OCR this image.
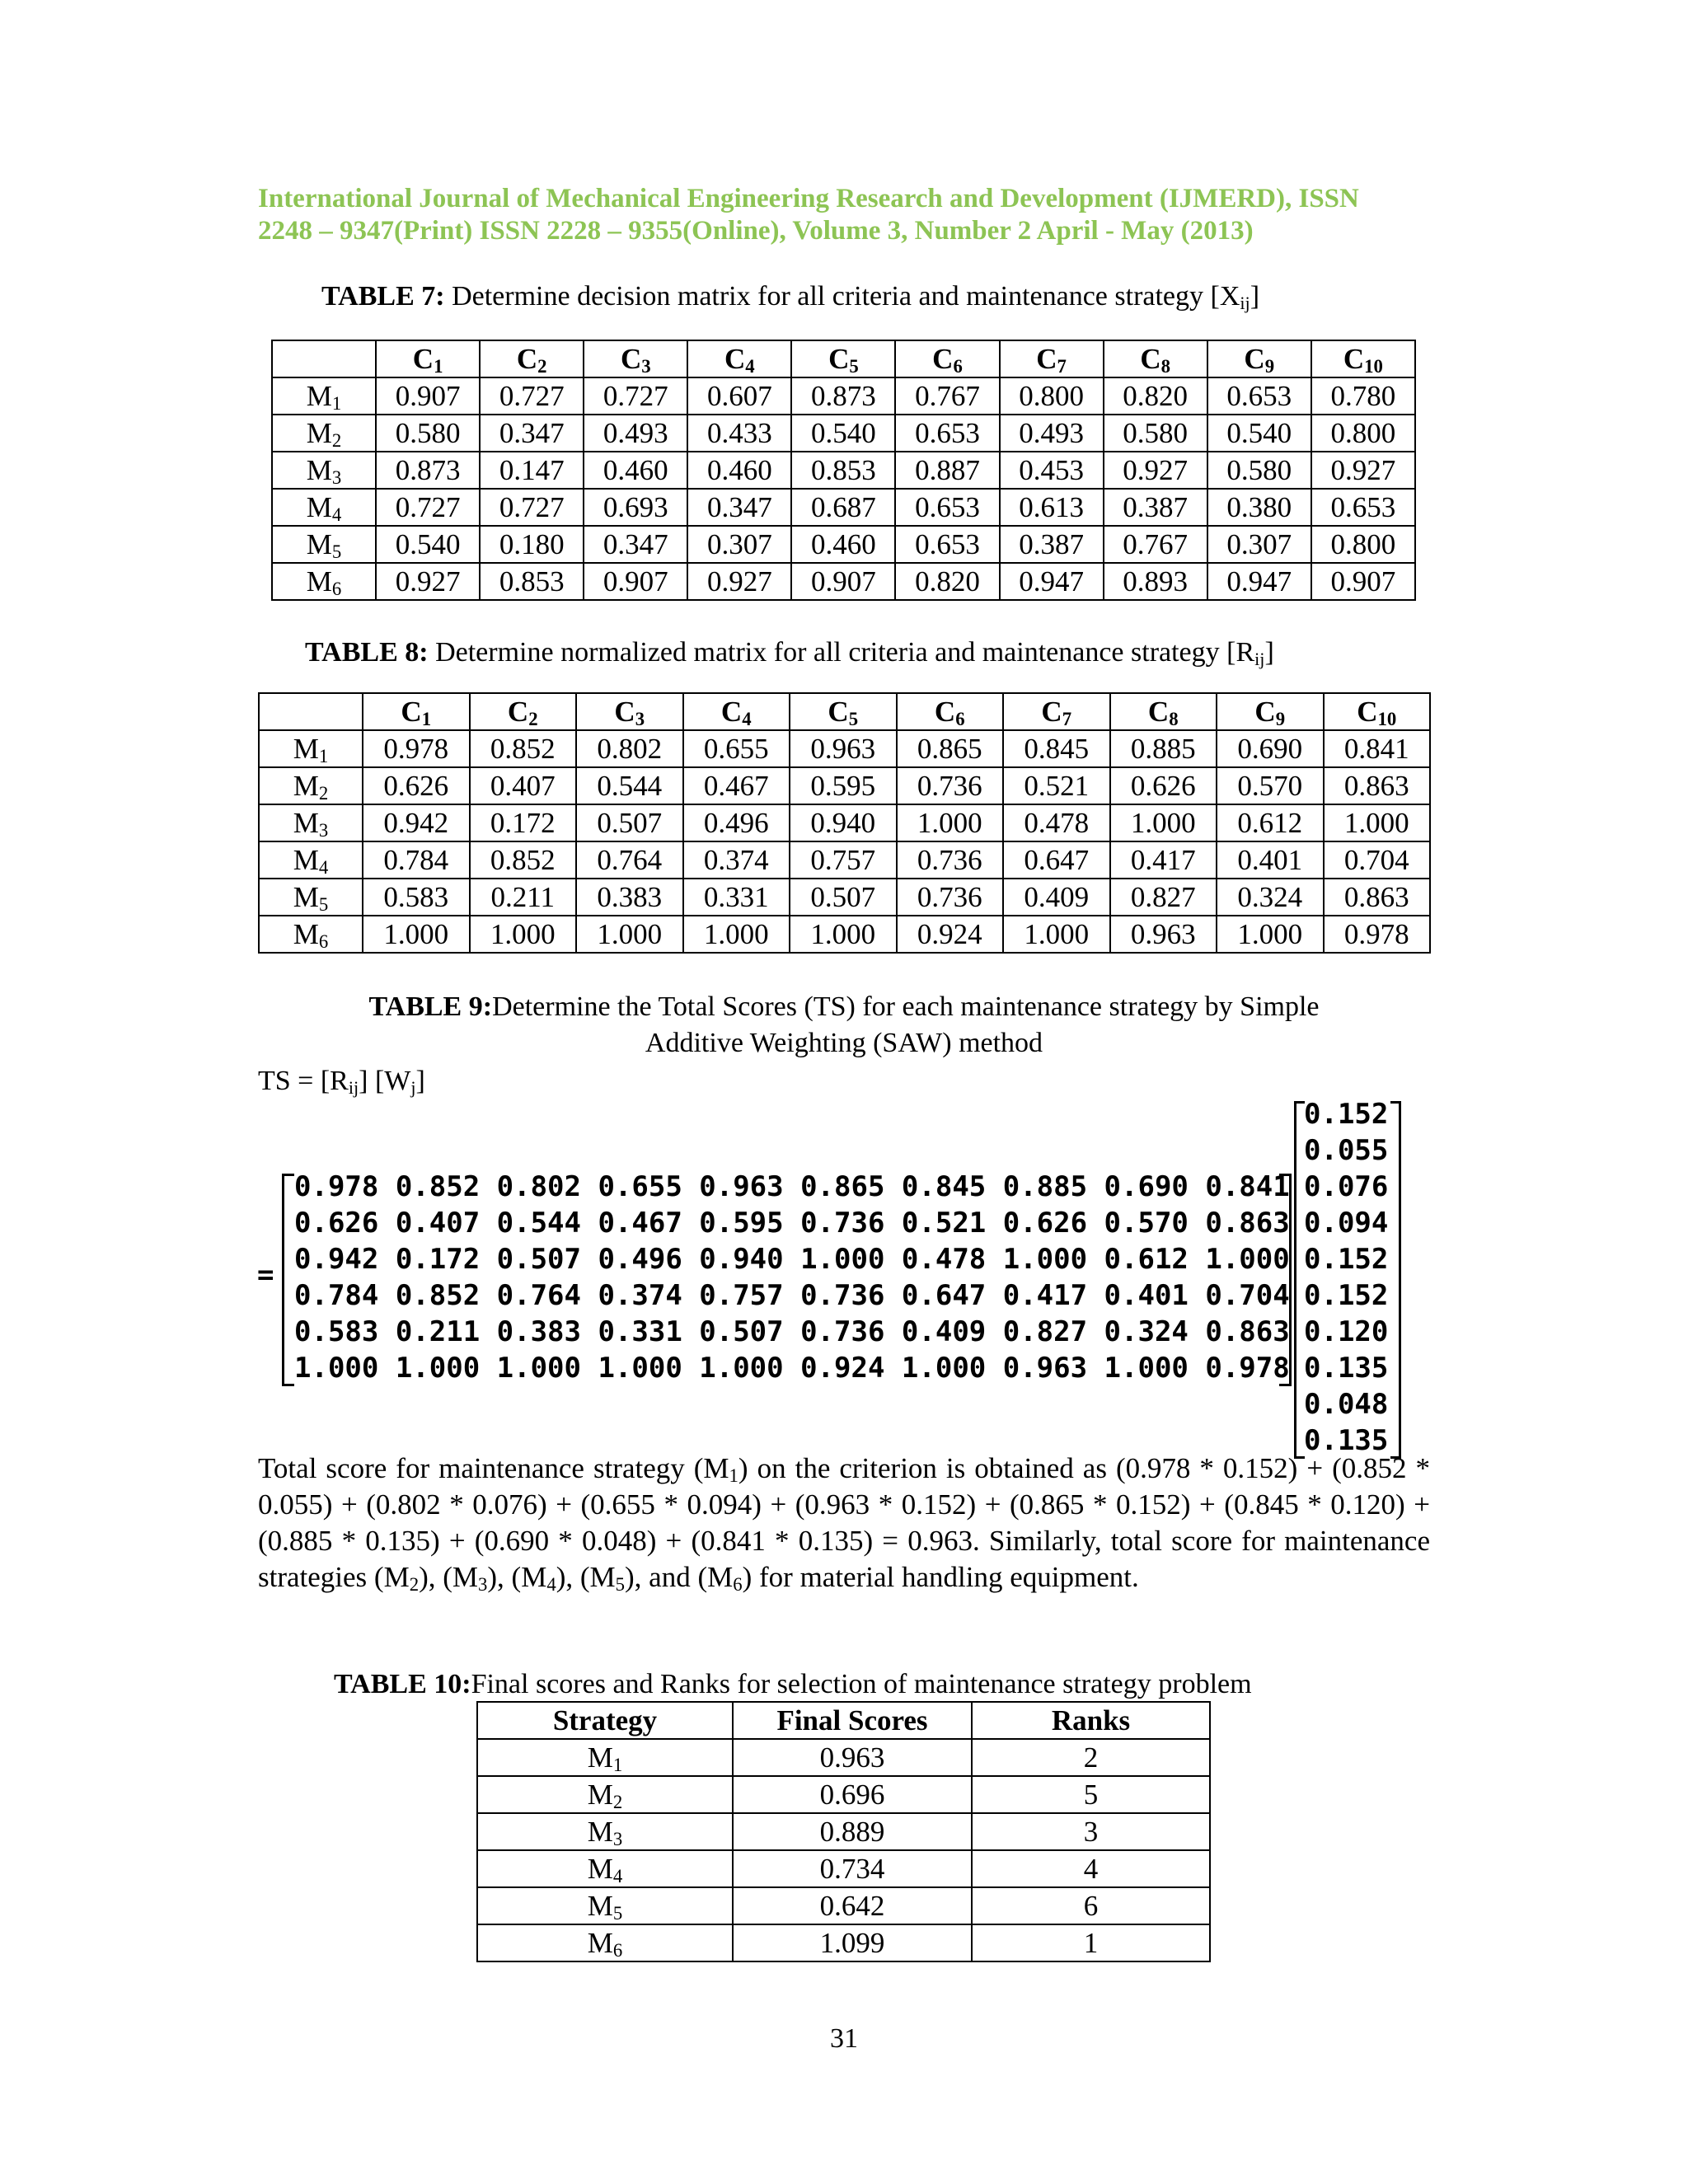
International Journal of Mechanical Engineering Research and Development (IJMERD), ISSN
2248 – 9347(Print) ISSN 2228 – 9355(Online), Volume 3, Number 2 April - May (2013)
TABLE 7: Determine decision matrix for all criteria and maintenance strategy $[X_{ij}]$
	$C_1$	$C_2$	$C_3$	$C_4$	$C_5$	$C_6$	$C_7$	$C_8$	$C_9$	$C_{10}$
$M_1$	0.907	0.727	0.727	0.607	0.873	0.767	0.800	0.820	0.653	0.780
$M_2$	0.580	0.347	0.493	0.433	0.540	0.653	0.493	0.580	0.540	0.800
$M_3$	0.873	0.147	0.460	0.460	0.853	0.887	0.453	0.927	0.580	0.927
$M_4$	0.727	0.727	0.693	0.347	0.687	0.653	0.613	0.387	0.380	0.653
$M_5$	0.540	0.180	0.347	0.307	0.460	0.653	0.387	0.767	0.307	0.800
$M_6$	0.927	0.853	0.907	0.927	0.907	0.820	0.947	0.893	0.947	0.907
TABLE 8: Determine normalized matrix for all criteria and maintenance strategy $[R_{ij}]$
	$C_1$	$C_2$	$C_3$	$C_4$	$C_5$	$C_6$	$C_7$	$C_8$	$C_9$	$C_{10}$
$M_1$	0.978	0.852	0.802	0.655	0.963	0.865	0.845	0.885	0.690	0.841
$M_2$	0.626	0.407	0.544	0.467	0.595	0.736	0.521	0.626	0.570	0.863
$M_3$	0.942	0.172	0.507	0.496	0.940	1.000	0.478	1.000	0.612	1.000
$M_4$	0.784	0.852	0.764	0.374	0.757	0.736	0.647	0.417	0.401	0.704
$M_5$	0.583	0.211	0.383	0.331	0.507	0.736	0.409	0.827	0.324	0.863
$M_6$	1.000	1.000	1.000	1.000	1.000	0.924	1.000	0.963	1.000	0.978
TABLE 9:Determine the Total Scores (TS) for each maintenance strategy by Simple
Additive Weighting (SAW) method
TS = $[R_{ij}]$ $[W_j]$
=
0.978 0.852 0.802 0.655 0.963 0.865 0.845 0.885 0.690 0.841
0.626 0.407 0.544 0.467 0.595 0.736 0.521 0.626 0.570 0.863
0.942 0.172 0.507 0.496 0.940 1.000 0.478 1.000 0.612 1.000
0.784 0.852 0.764 0.374 0.757 0.736 0.647 0.417 0.401 0.704
0.583 0.211 0.383 0.331 0.507 0.736 0.409 0.827 0.324 0.863
1.000 1.000 1.000 1.000 1.000 0.924 1.000 0.963 1.000 0.978
0.152
0.055
0.076
0.094
0.152
0.152
0.120
0.135
0.048
0.135
Total score for maintenance strategy $(M_1)$ on the criterion is obtained as (0.978 * 0.152) + (0.852 * 0.055) + (0.802 * 0.076) + (0.655 * 0.094) + (0.963 * 0.152) + (0.865 * 0.152) + (0.845 * 0.120) + (0.885 * 0.135) + (0.690 * 0.048) + (0.841 * 0.135) = 0.963. Similarly, total score for maintenance strategies $(M_2)$, $(M_3)$, $(M_4)$, $(M_5)$, and $(M_6)$ for material handling equipment.
TABLE 10:Final scores and Ranks for selection of maintenance strategy problem
Strategy	Final Scores	Ranks
$M_1$	0.963	2
$M_2$	0.696	5
$M_3$	0.889	3
$M_4$	0.734	4
$M_5$	0.642	6
$M_6$	1.099	1
31
